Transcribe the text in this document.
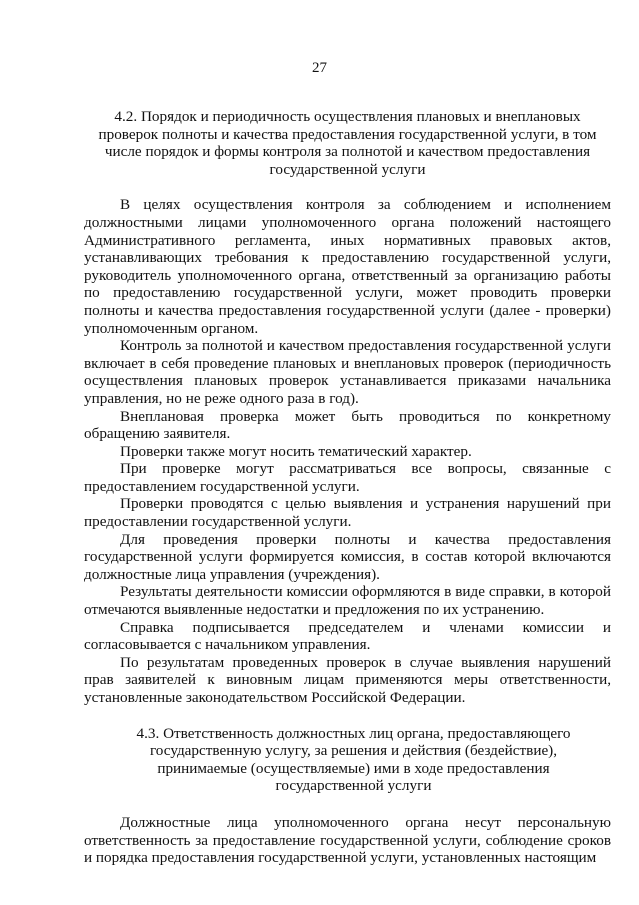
27
4.2. Порядок и периодичность осуществления плановых и внеплановых проверок полноты и качества предоставления государственной услуги, в том числе порядок и формы контроля за полнотой и качеством предоставления государственной услуги

В целях осуществления контроля за соблюдением и исполнением должностными лицами уполномоченного органа положений настоящего Административного регламента, иных нормативных правовых актов, устанавливающих требования к предоставлению государственной услуги, руководитель уполномоченного органа, ответственный за организацию работы по предоставлению государственной услуги, может проводить проверки полноты и качества предоставления государственной услуги (далее - проверки) уполномоченным органом.

Контроль за полнотой и качеством предоставления государственной услуги включает в себя проведение плановых и внеплановых проверок (периодичность осуществления плановых проверок устанавливается приказами начальника управления, но не реже одного раза в год).

Внеплановая проверка может быть проводиться по конкретному обращению заявителя.

Проверки также могут носить тематический характер.

При проверке могут рассматриваться все вопросы, связанные с предоставлением государственной услуги.

Проверки проводятся с целью выявления и устранения нарушений при предоставлении государственной услуги.

Для проведения проверки полноты и качества предоставления государственной услуги формируется комиссия, в состав которой включаются должностные лица управления (учреждения).

Результаты деятельности комиссии оформляются в виде справки, в которой отмечаются выявленные недостатки и предложения по их устранению.

Справка подписывается председателем и членами комиссии и согласовывается с начальником управления.

По результатам проведенных проверок в случае выявления нарушений прав заявителей к виновным лицам применяются меры ответственности, установленные законодательством Российской Федерации.

4.3. Ответственность должностных лиц органа, предоставляющего государственную услугу, за решения и действия (бездействие), принимаемые (осуществляемые) ими в ходе предоставления государственной услуги

Должностные лица уполномоченного органа несут персональную ответственность за предоставление государственной услуги, соблюдение сроков и порядка предоставления государственной услуги, установленных настоящим
